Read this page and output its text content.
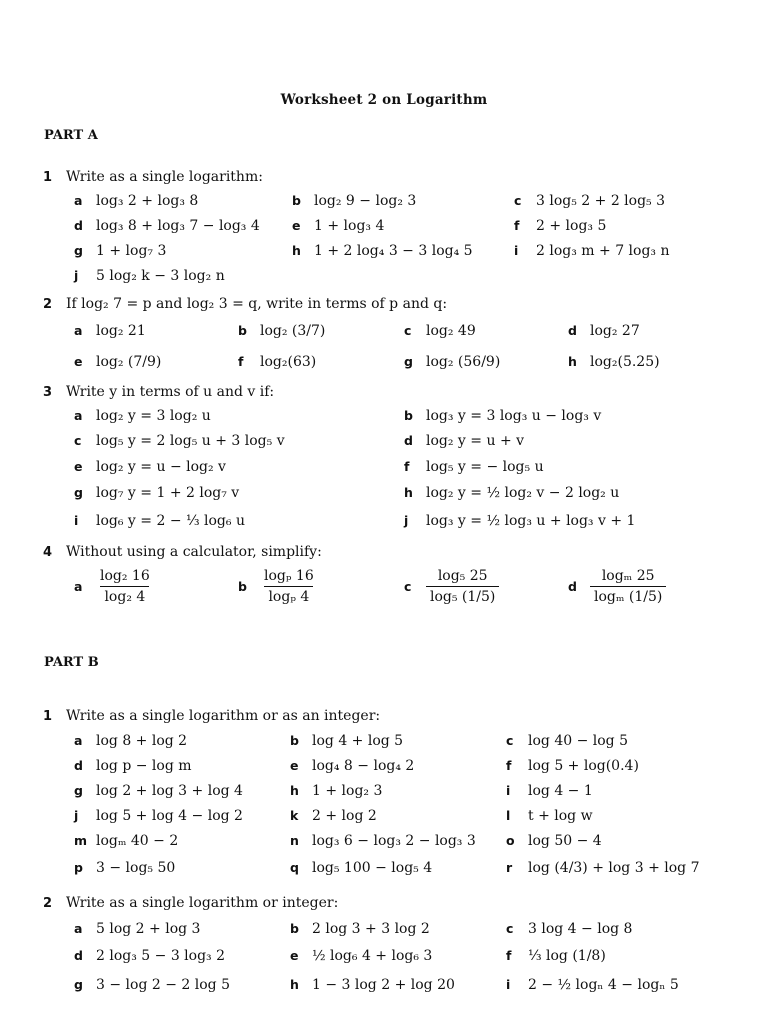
Worksheet 2 on Logarithm
PART A
1 Write as a single logarithm:
a log₃ 2 + log₃ 8	b log₂ 9 − log₂ 3	c 3 log₅ 2 + 2 log₅ 3
d log₃ 8 + log₃ 7 − log₃ 4	e 1 + log₃ 4	f 2 + log₃ 5
g 1 + log₇ 3	h 1 + 2 log₄ 3 − 3 log₄ 5	i 2 log₃ m + 7 log₃ n
j 5 log₂ k − 3 log₂ n
2 If log₂ 7 = p and log₂ 3 = q, write in terms of p and q:
a log₂ 21	b log₂ (3/7)	c log₂ 49	d log₂ 27
e log₂ (7/9)	f log₂(63)	g log₂ (56/9)	h log₂(5.25)
3 Write y in terms of u and v if:
a log₂ y = 3 log₂ u	b log₃ y = 3 log₃ u − log₃ v
c log₅ y = 2 log₅ u + 3 log₅ v	d log₂ y = u + v
e log₂ y = u − log₂ v	f log₅ y = − log₅ u
g log₇ y = 1 + 2 log₇ v	h log₂ y = ½ log₂ v − 2 log₂ u
i log₆ y = 2 − ⅓ log₆ u	j log₃ y = ½ log₃ u + log₃ v + 1
4 Without using a calculator, simplify:
a $\frac{\text{log₂ 16}}{\text{log₂ 4}}$	b $\frac{\text{logₚ 16}}{\text{logₚ 4}}$	c $\frac{\text{log₅ 25}}{\text{log₅ (1/5)}}$	d $\frac{\text{logₘ 25}}{\text{logₘ (1/5)}}$
PART B
1 Write as a single logarithm or as an integer:
a log 8 + log 2	b log 4 + log 5	c log 40 − log 5
d log p − log m	e log₄ 8 − log₄ 2	f log 5 + log(0.4)
g log 2 + log 3 + log 4	h 1 + log₂ 3	i log 4 − 1
j log 5 + log 4 − log 2	k 2 + log 2	l t + log w
m logₘ 40 − 2	n log₃ 6 − log₃ 2 − log₃ 3 o log 50 − 4
p 3 − log₅ 50	q log₅ 100 − log₅ 4	r log (4/3) + log 3 + log 7
2 Write as a single logarithm or integer:
a 5 log 2 + log 3	b 2 log 3 + 3 log 2	c 3 log 4 − log 8
d 2 log₃ 5 − 3 log₃ 2	e ½ log₆ 4 + log₆ 3	f ⅓ log (1/8)
g 3 − log 2 − 2 log 5	h 1 − 3 log 2 + log 20	i 2 − ½ logₙ 4 − logₙ 5
